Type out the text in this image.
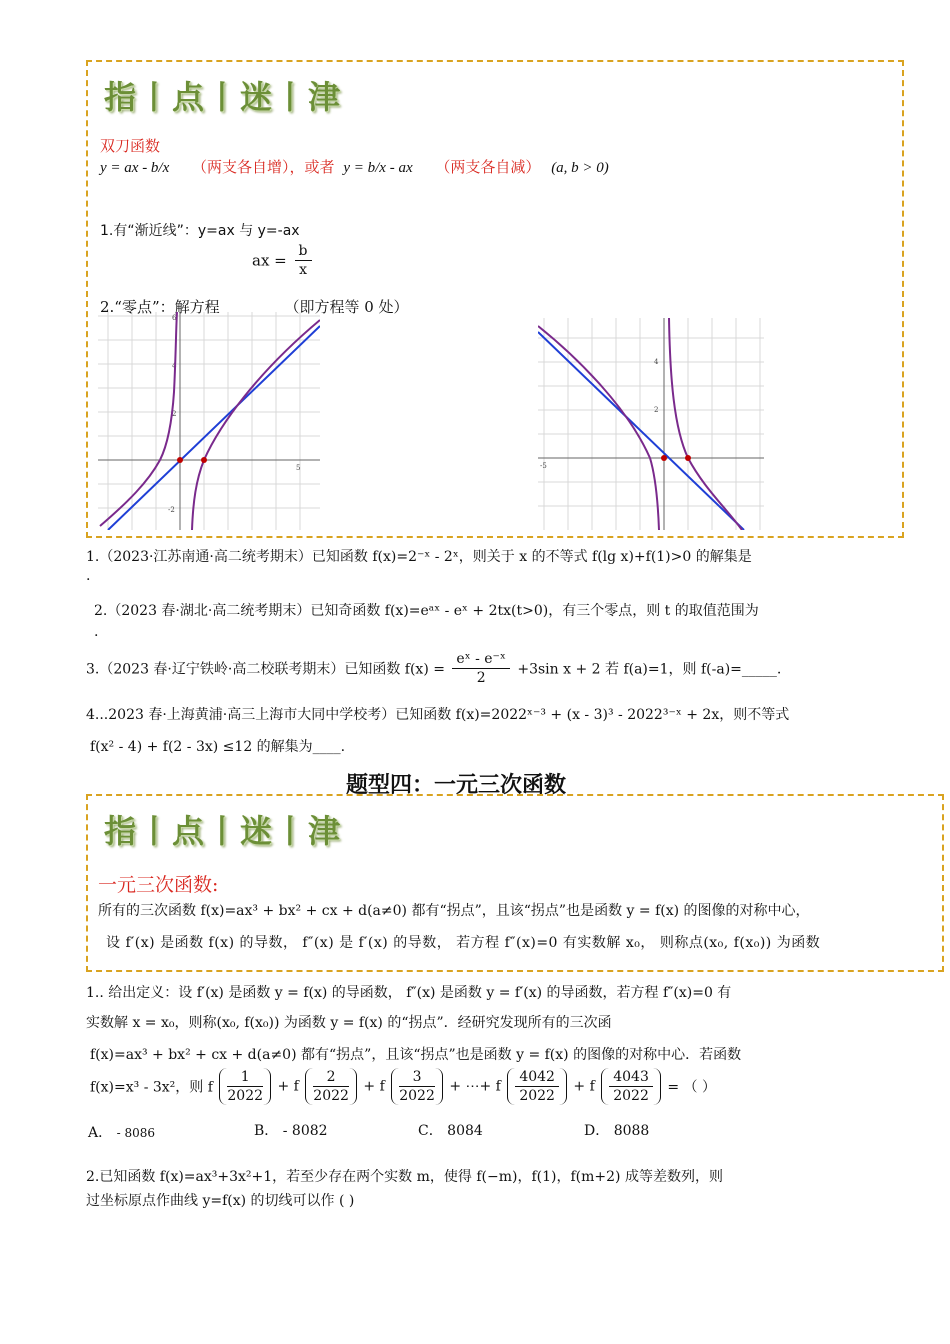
指丨点丨迷丨津
双刀函数
y = ax - b/x （两支各自增），或者 y = b/x - ax （两支各自减） (a, b > 0)
1.有“渐近线”：y=ax 与 y=-ax
ax = $\frac{b}{x}$
2.“零点”：解方程	（即方程等 0 处）
6
4
2
-2
5
4
2
-5
1.（2023·江苏南通·高二统考期末）已知函数 f(x)=2⁻ˣ - 2ˣ，则关于 x 的不等式 f(lg x)+f(1)>0 的解集是
.
2.（2023 春·湖北·高二统考期末）已知奇函数 f(x)=eᵃˣ - eˣ + 2tx(t>0)，有三个零点，则 t 的取值范围为
.
3.（2023 春·辽宁铁岭·高二校联考期末）已知函数 $f(x) = \frac{\text{eˣ - e⁻ˣ}}{2} +3\sin$ x + 2 若 f(a)=1，则 f(-a)=_____.
4...2023 春·上海黄浦·高三上海市大同中学校考）已知函数 f(x)=2022ˣ⁻³ + (x - 3)³ - 2022³⁻ˣ + 2x，则不等式
f(x² - 4) + f(2 - 3x) ≤12 的解集为____.
题型四：一元三次函数
指丨点丨迷丨津
一元三次函数:
所有的三次函数 f(x)=ax³ + bx² + cx + d(a≠0) 都有“拐点”，且该“拐点”也是函数 y = f(x) 的图像的对称中心，
设 f′(x) 是函数 f(x) 的导数， f″(x) 是 f′(x) 的导数， 若方程 f″(x)=0 有实数解 x₀， 则称点(x₀, f(x₀)) 为函数
1.. 给出定义：设 f′(x) 是函数 y = f(x) 的导函数， f″(x) 是函数 y = f′(x) 的导函数，若方程 f″(x)=0 有
实数解 x = x₀，则称(x₀, f(x₀)) 为函数 y = f(x) 的“拐点”．经研究发现所有的三次函
f(x)=ax³ + bx² + cx + d(a≠0) 都有“拐点”，且该“拐点”也是函数 y = f(x) 的图像的对称中心．若函数
f(x)=x³ - 3x²，则 f $\frac{1}{2022} + f \frac{2}{2022} + f \frac{3}{2022}$ + ⋯+ f $\frac{4042}{2022} + f \frac{4043}{2022}$ = （ ）
A． - 8086	B． - 8082	C． 8084	D． 8088
2.已知函数 f(x)=ax³+3x²+1，若至少存在两个实数 m，使得 f(−m)，f(1)，f(m+2) 成等差数列，则
过坐标原点作曲线 y=f(x) 的切线可以作 ( )
